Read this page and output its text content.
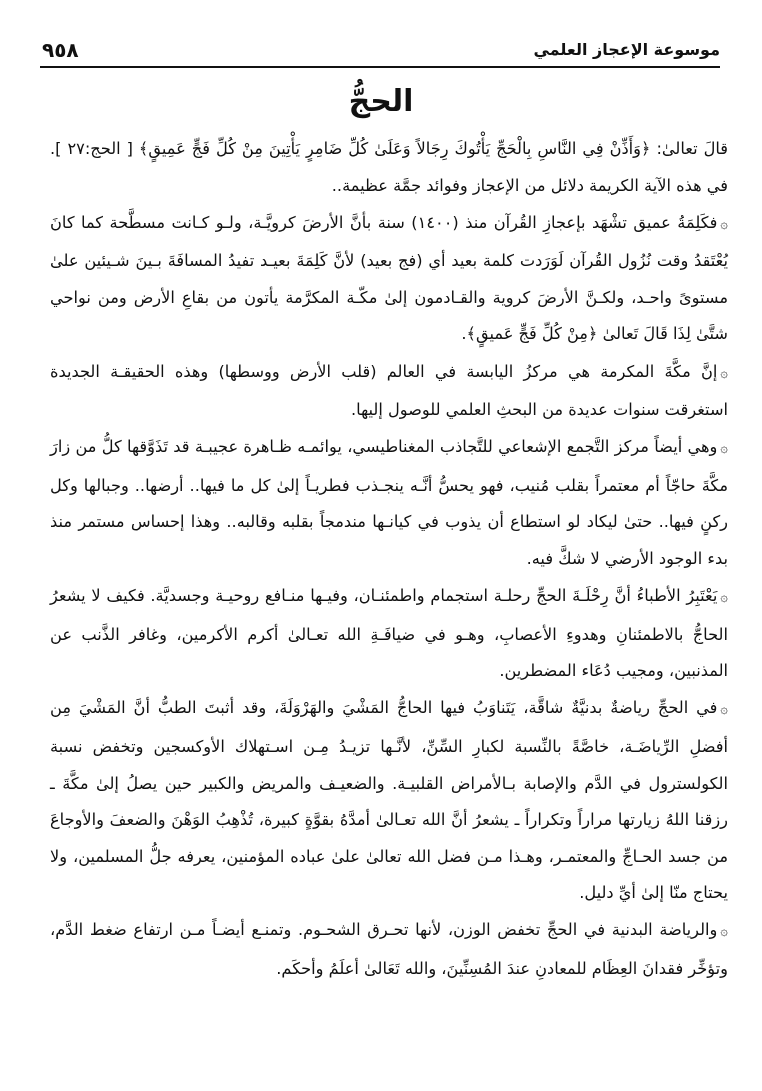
موسوعة الإعجاز العلمي
٩٥٨
الحجُّ

قالَ تعالىٰ: ﴿وَأَذِّنْ فِي النَّاسِ بِالْحَجِّ يَأْتُوكَ رِجَالاً وَعَلَىٰ كُلِّ ضَامِرٍ يَأْتِينَ مِنْ كُلِّ فَجٍّ عَمِيقٍ﴾ [ الحج:٢٧ ]. في هذه الآية الكريمة دلائل من الإعجاز وفوائد جمَّة عظيمة..

۞فكَلِمَةُ عميق تشْهَد بإعجازِ القُرآن منذ (١٤٠٠) سنة بأنَّ الأرضَ كرويَّـة، ولـو كـانت مسطَّحة كما كانَ يُعْتَقدُ وقت نُزُول القُرآن لَوَرَدت كلمة بعيد أي (فج بعيد) لأنَّ كَلِمَةَ بعيـد تفيدُ المسافَةَ بـينَ شـيئين علىٰ مستوىً واحـد، ولكـنَّ الأرضَ كروية والقـادمون إلىٰ مكّـة المكرَّمة يأتون من بقاعِ الأرض ومن نواحي شتَّىٰ لِذَا قَالَ تَعالىٰ ﴿مِنْ كُلِّ فَجٍّ عَميقٍ﴾.

۞إنَّ مكَّةَ المكرمة هي مركزُ اليابسة في العالم (قلب الأرض ووسطها) وهذه الحقيقـة الجديدة استغرقت سنوات عديدة من البحثِ العلمي للوصول إليها.

۞وهي أيضاً مركز التَّجمع الإشعاعي للتَّجاذب المغناطيسي، يوائمـه ظـاهرة عجيبـة قد تَذَوَّقها كلُّ من زارَ مكَّةَ حاجّاً أم معتمراً بقلب مُنيب، فهو يحسُّ أنَّـه ينجـذب فطريـاً إلىٰ كل ما فيها.. أرضها.. وجبالها وكل ركنٍ فيها.. حتىٰ ليكاد لو استطاع أن يذوب في كيانـها مندمجاً بقلبه وقالبه.. وهذا إحساس مستمر منذ بدء الوجود الأرضي لا شكَّ فيه.

۞يَعْتَبِرُ الأطباءُ أنَّ رِحْلَـةَ الحجِّ رحلـة استجمام واطمئنـان، وفيـها منـافع روحيـة وجسديَّة. فكيف لا يشعرُ الحاجُّ بالاطمئنانِ وهدوءِ الأعصابِ، وهـو في ضيافَـةِ الله تعـالىٰ أكرم الأكرمين، وغافر الذَّنب عن المذنبين، ومجيب دُعَاء المضطرين.

۞في الحجِّ رياضةٌ بدنيَّةٌ شاقَّة، يَتَناوَبُ فيها الحاجُّ المَشْيَ والهَرْوَلَةَ، وقد أثبتَ الطبُّ أنَّ المَشْيَ مِن أفضلِ الرِّياضَـة، خاصَّةً بالنِّسبة لكبارِ السِّنِّ، لأنَّـها تزيـدُ مِـن اسـتهلاك الأوكسجين وتخفض نسبة الكولسترول في الدَّم والإصابة بـالأمراض القلبيـة. والضعيـف والمريض والكبير حين يصلُ إلىٰ مكَّةَ ـ رزقنا اللهُ زيارتها مراراً وتكراراً ـ يشعرُ أنَّ الله تعـالىٰ أمدَّهُ بقوَّةٍ كبيرة، تُذْهِبُ الوَهْنَ والضعفَ والأوجاعَ من جسد الحـاجِّ والمعتمـر، وهـذا مـن فضل الله تعالىٰ علىٰ عباده المؤمنين، يعرفه جلُّ المسلمين، ولا يحتاج منّا إلىٰ أيِّ دليل.

۞والرياضة البدنية في الحجِّ تخفض الوزن، لأنها تحـرق الشحـوم. وتمنـع أيضـاً مـن ارتفاع ضغط الدَّم، وتؤخِّر فقدانَ العِظَام للمعادنِ عندَ المُسِنِّينَ، والله تَعَالىٰ أعلَمُ وأحكَم.
